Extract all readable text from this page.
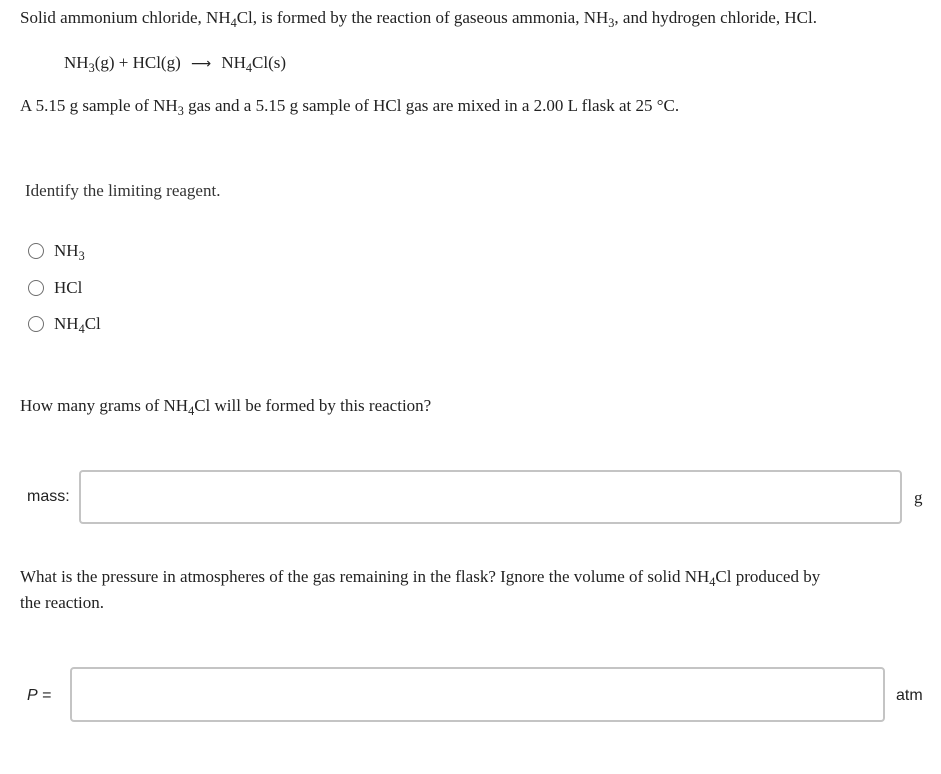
Solid ammonium chloride, $NH_4Cl$, is formed by the reaction of gaseous ammonia, $NH_3$, and hydrogen chloride, HCl.
$NH_3(g) + HCl(g)$ ⟶ $NH_4Cl(s)$
A 5.15 g sample of $NH_3$ gas and a 5.15 g sample of HCl gas are mixed in a 2.00 L flask at 25 °C.
Identify the limiting reagent.
$NH_3$
HCl
$NH_4Cl$
How many grams of $NH_4Cl$ will be formed by this reaction?
mass:	g
What is the pressure in atmospheres of the gas remaining in the flask? Ignore the volume of solid $NH_4Cl$ produced by
the reaction.
P =	atm
